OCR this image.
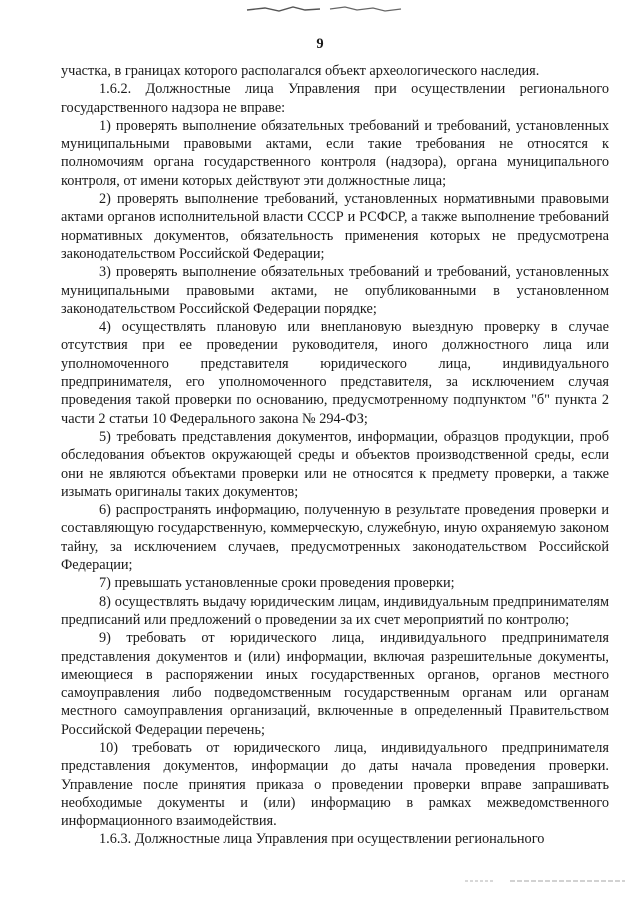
9

участка, в границах которого располагался объект археологического наследия.

1.6.2. Должностные лица Управления при осуществлении регионального государственного надзора не вправе:

1) проверять выполнение обязательных требований и требований, установленных муниципальными правовыми актами, если такие требования не относятся к полномочиям органа государственного контроля (надзора), органа муниципального контроля, от имени которых действуют эти должностные лица;

2) проверять выполнение требований, установленных нормативными правовыми актами органов исполнительной власти СССР и РСФСР, а также выполнение требований нормативных документов, обязательность применения которых не предусмотрена законодательством Российской Федерации;

3) проверять выполнение обязательных требований и требований, установленных муниципальными правовыми актами, не опубликованными в установленном законодательством Российской Федерации порядке;

4) осуществлять плановую или внеплановую выездную проверку в случае отсутствия при ее проведении руководителя, иного должностного лица или уполномоченного представителя юридического лица, индивидуального предпринимателя, его уполномоченного представителя, за исключением случая проведения такой проверки по основанию, предусмотренному подпунктом "б" пункта 2 части 2 статьи 10 Федерального закона № 294-ФЗ;

5) требовать представления документов, информации, образцов продукции, проб обследования объектов окружающей среды и объектов производственной среды, если они не являются объектами проверки или не относятся к предмету проверки, а также изымать оригиналы таких документов;

6) распространять информацию, полученную в результате проведения проверки и составляющую государственную, коммерческую, служебную, иную охраняемую законом тайну, за исключением случаев, предусмотренных законодательством Российской Федерации;

7) превышать установленные сроки проведения проверки;

8) осуществлять выдачу юридическим лицам, индивидуальным предпринимателям предписаний или предложений о проведении за их счет мероприятий по контролю;

9) требовать от юридического лица, индивидуального предпринимателя представления документов и (или) информации, включая разрешительные документы, имеющиеся в распоряжении иных государственных органов, органов местного самоуправления либо подведомственным государственным органам или органам местного самоуправления организаций, включенные в определенный Правительством Российской Федерации перечень;

10) требовать от юридического лица, индивидуального предпринимателя представления документов, информации до даты начала проведения проверки. Управление после принятия приказа о проведении проверки вправе запрашивать необходимые документы и (или) информацию в рамках межведомственного информационного взаимодействия.

1.6.3. Должностные лица Управления при осуществлении регионального
